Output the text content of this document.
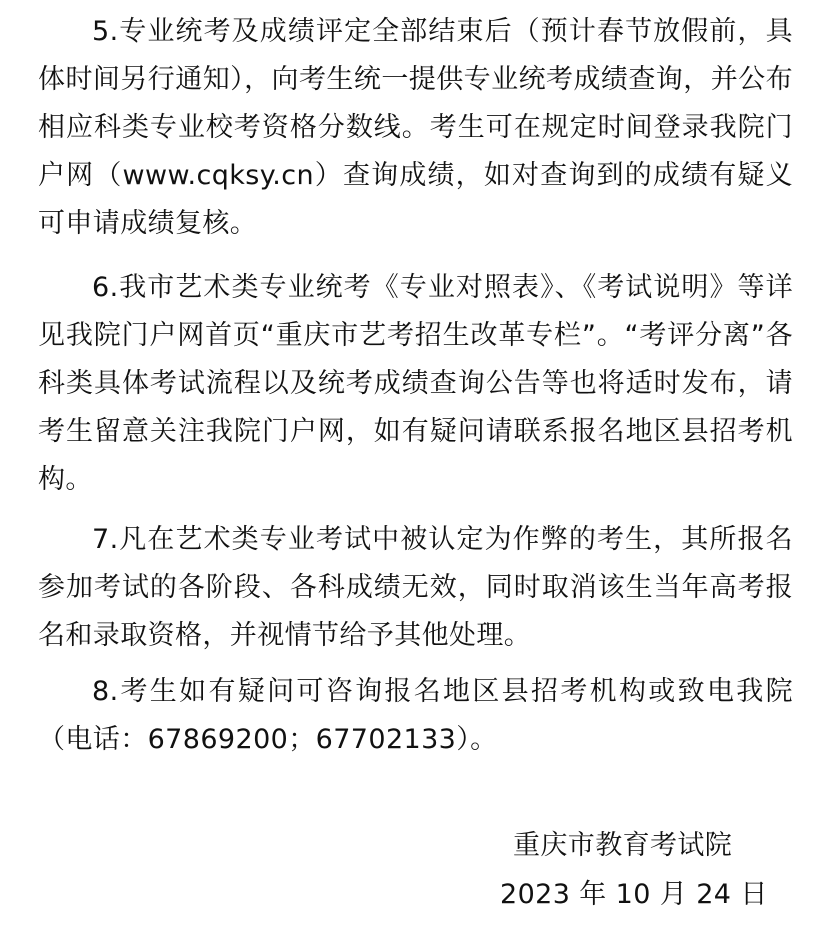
5.专业统考及成绩评定全部结束后（预计春节放假前，具体时间另行通知），向考生统一提供专业统考成绩查询，并公布相应科类专业校考资格分数线。考生可在规定时间登录我院门户网（www.cqksy.cn）查询成绩，如对查询到的成绩有疑义可申请成绩复核。

6.我市艺术类专业统考《专业对照表》、《考试说明》等详见我院门户网首页“重庆市艺考招生改革专栏”。“考评分离”各科类具体考试流程以及统考成绩查询公告等也将适时发布，请考生留意关注我院门户网，如有疑问请联系报名地区县招考机构。

7.凡在艺术类专业考试中被认定为作弊的考生，其所报名参加考试的各阶段、各科成绩无效，同时取消该生当年高考报名和录取资格，并视情节给予其他处理。

8.考生如有疑问可咨询报名地区县招考机构或致电我院（电话：67869200；67702133）。

重庆市教育考试院
2023 年 10 月 24 日
